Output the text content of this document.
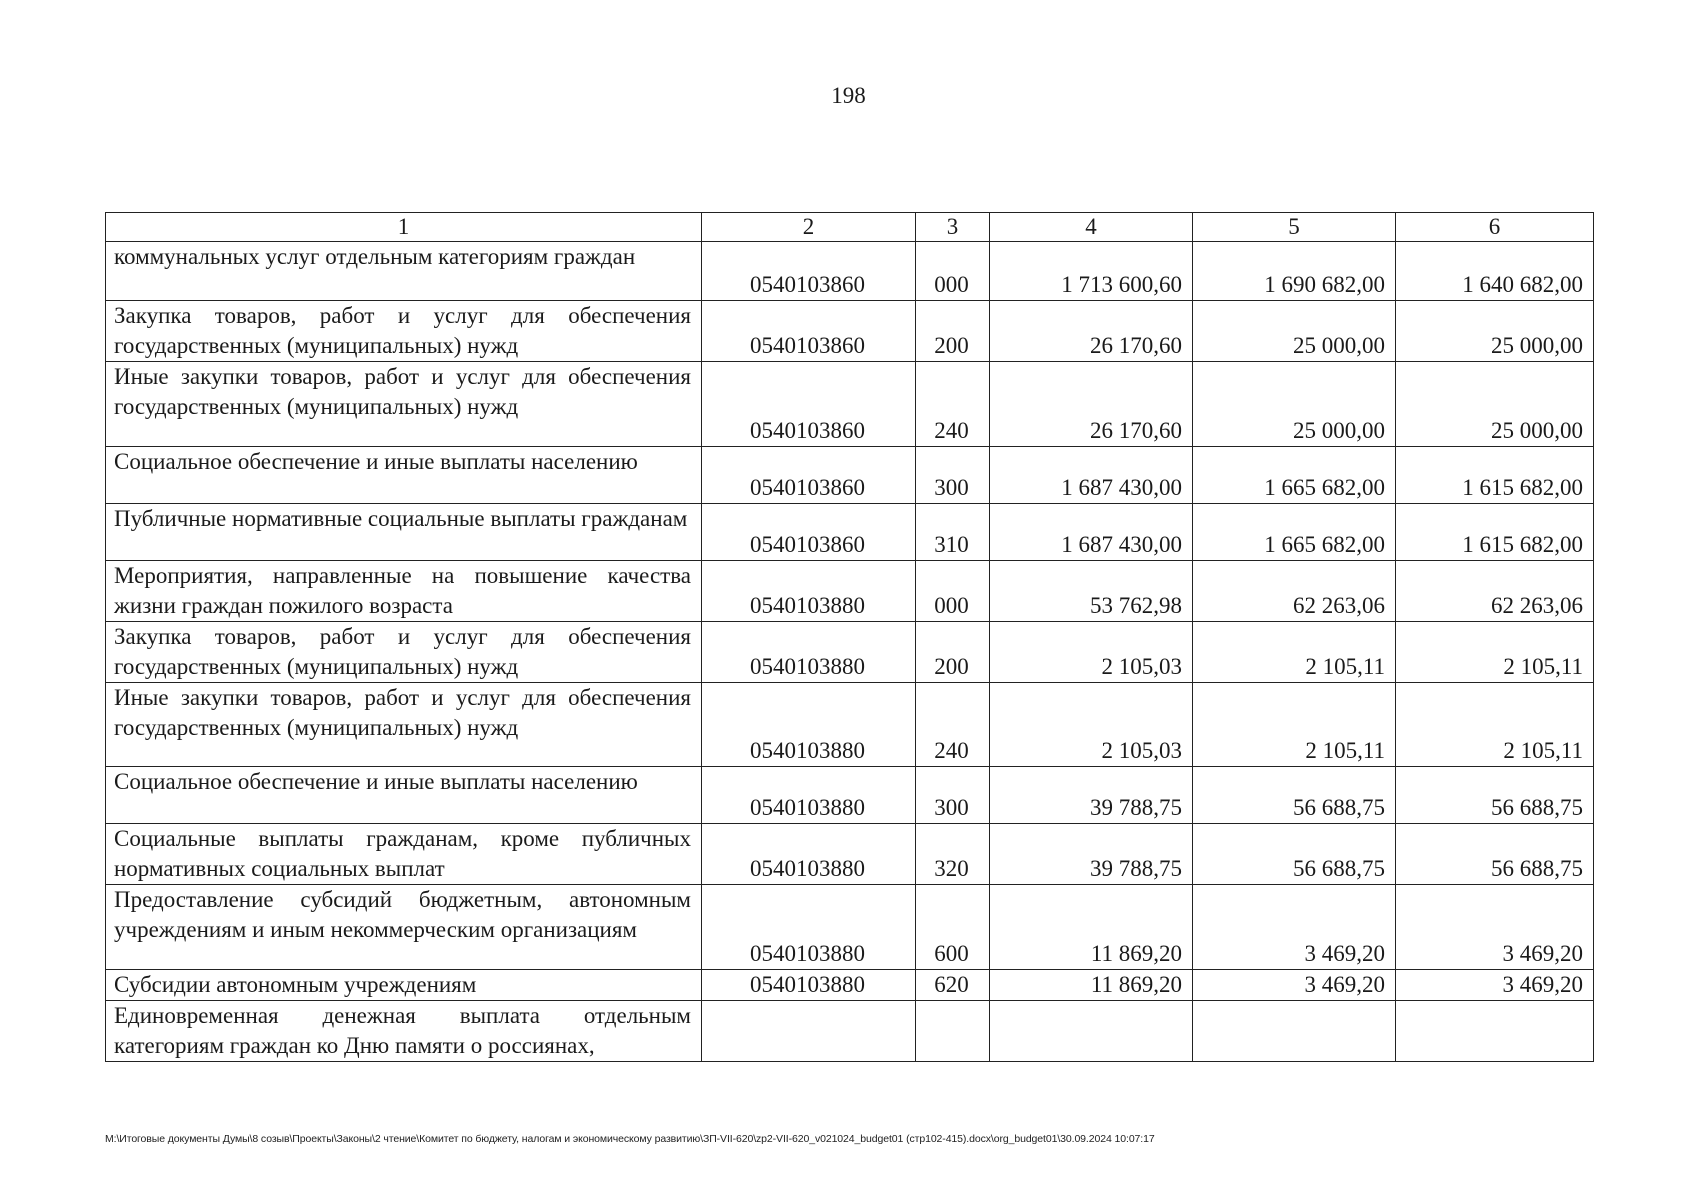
198
1	2	3	4	5	6
коммунальных услуг отдельным категориям граждан	0540103860	000	1 713 600,60	1 690 682,00	1 640 682,00
Закупка товаров, работ и услуг для обеспечения государственных (муниципальных) нужд	0540103860	200	26 170,60	25 000,00	25 000,00
Иные закупки товаров, работ и услуг для обеспечения государственных (муниципальных) нужд	0540103860	240	26 170,60	25 000,00	25 000,00
Социальное обеспечение и иные выплаты населению	0540103860	300	1 687 430,00	1 665 682,00	1 615 682,00
Публичные нормативные социальные выплаты гражданам	0540103860	310	1 687 430,00	1 665 682,00	1 615 682,00
Мероприятия, направленные на повышение качества жизни граждан пожилого возраста	0540103880	000	53 762,98	62 263,06	62 263,06
Закупка товаров, работ и услуг для обеспечения государственных (муниципальных) нужд	0540103880	200	2 105,03	2 105,11	2 105,11
Иные закупки товаров, работ и услуг для обеспечения государственных (муниципальных) нужд	0540103880	240	2 105,03	2 105,11	2 105,11
Социальное обеспечение и иные выплаты населению	0540103880	300	39 788,75	56 688,75	56 688,75
Социальные выплаты гражданам, кроме публичных нормативных социальных выплат	0540103880	320	39 788,75	56 688,75	56 688,75
Предоставление субсидий бюджетным, автономным учреждениям и иным некоммерческим организациям	0540103880	600	11 869,20	3 469,20	3 469,20
Субсидии автономным учреждениям	0540103880	620	11 869,20	3 469,20	3 469,20
Единовременная денежная выплата отдельным категориям граждан ко Дню памяти о россиянах,					
M:\Итоговые документы Думы\8 созыв\Проекты\Законы\2 чтение\Комитет по бюджету, налогам и экономическому развитию\ЗП-VII-620\zp2-VII-620_v021024_budget01 (стр102-415).docx\org_budget01\30.09.2024 10:07:17
